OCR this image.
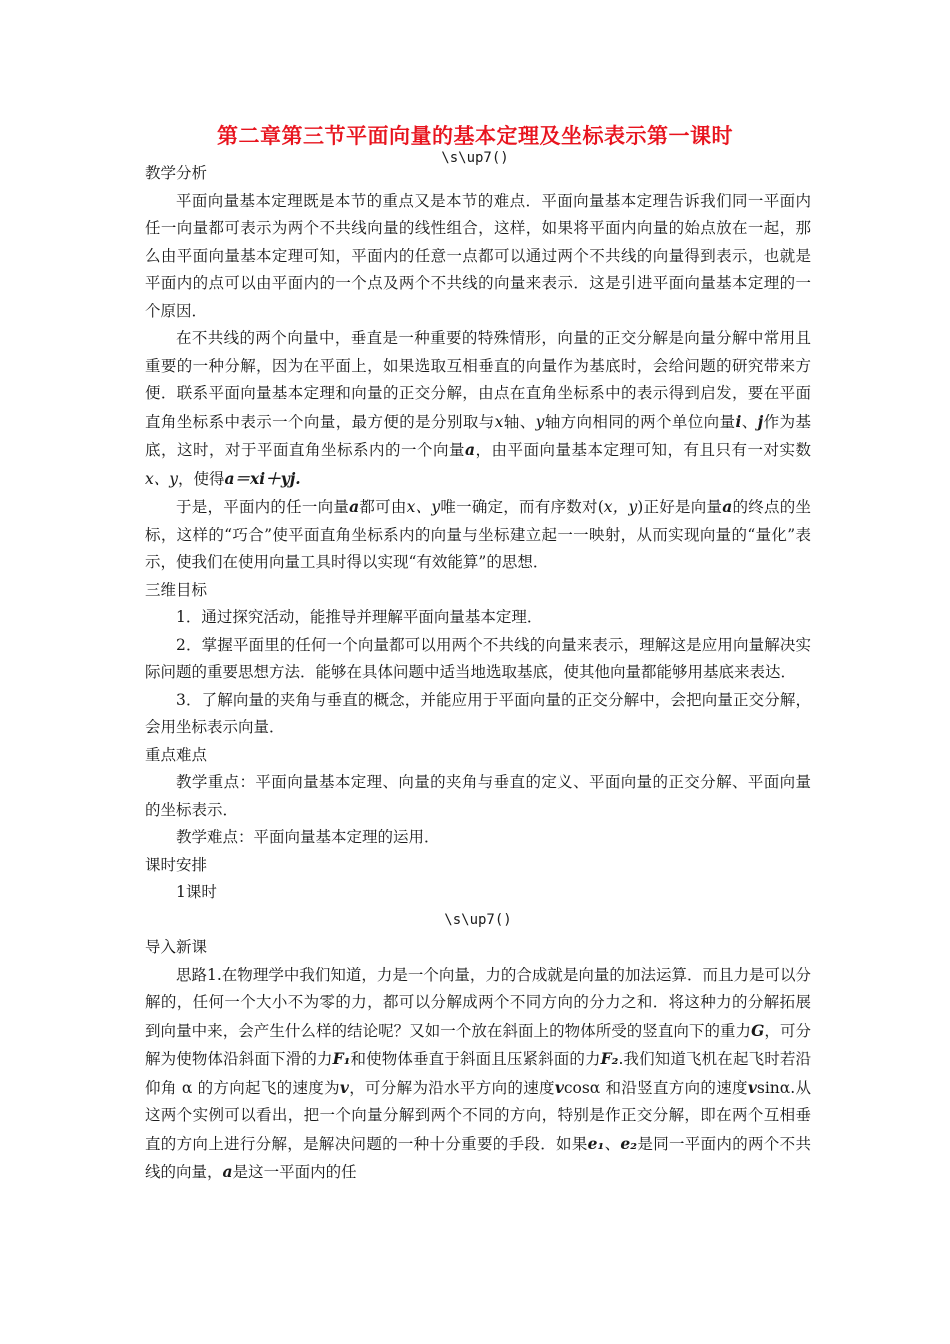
第二章第三节平面向量的基本定理及坐标表示第一课时
\s\up7()

教学分析

平面向量基本定理既是本节的重点又是本节的难点．平面向量基本定理告诉我们同一平面内任一向量都可表示为两个不共线向量的线性组合，这样，如果将平面内向量的始点放在一起，那么由平面向量基本定理可知，平面内的任意一点都可以通过两个不共线的向量得到表示，也就是平面内的点可以由平面内的一个点及两个不共线的向量来表示．这是引进平面向量基本定理的一个原因．

在不共线的两个向量中，垂直是一种重要的特殊情形，向量的正交分解是向量分解中常用且重要的一种分解，因为在平面上，如果选取互相垂直的向量作为基底时，会给问题的研究带来方便．联系平面向量基本定理和向量的正交分解，由点在直角坐标系中的表示得到启发，要在平面直角坐标系中表示一个向量，最方便的是分别取与x轴、y轴方向相同的两个单位向量i、j作为基底，这时，对于平面直角坐标系内的一个向量a，由平面向量基本定理可知，有且只有一对实数x、y，使得a＝xi＋yj.

于是，平面内的任一向量a都可由x、y唯一确定，而有序数对(x，y)正好是向量a的终点的坐标，这样的“巧合”使平面直角坐标系内的向量与坐标建立起一一映射，从而实现向量的“量化”表示，使我们在使用向量工具时得以实现“有效能算”的思想．

三维目标

1．通过探究活动，能推导并理解平面向量基本定理．

2．掌握平面里的任何一个向量都可以用两个不共线的向量来表示，理解这是应用向量解决实际问题的重要思想方法．能够在具体问题中适当地选取基底，使其他向量都能够用基底来表达．

3．了解向量的夹角与垂直的概念，并能应用于平面向量的正交分解中，会把向量正交分解，会用坐标表示向量．

重点难点

教学重点：平面向量基本定理、向量的夹角与垂直的定义、平面向量的正交分解、平面向量的坐标表示．

教学难点：平面向量基本定理的运用．

课时安排

1课时

\s\up7()

导入新课

思路1.在物理学中我们知道，力是一个向量，力的合成就是向量的加法运算．而且力是可以分解的，任何一个大小不为零的力，都可以分解成两个不同方向的分力之和．将这种力的分解拓展到向量中来，会产生什么样的结论呢？又如一个放在斜面上的物体所受的竖直向下的重力G，可分解为使物体沿斜面下滑的力F₁和使物体垂直于斜面且压紧斜面的力F₂.我们知道飞机在起飞时若沿仰角 α 的方向起飞的速度为v，可分解为沿水平方向的速度vcosα 和沿竖直方向的速度vsinα.从这两个实例可以看出，把一个向量分解到两个不同的方向，特别是作正交分解，即在两个互相垂直的方向上进行分解，是解决问题的一种十分重要的手段．如果e₁、e₂是同一平面内的两个不共线的向量，a是这一平面内的任
